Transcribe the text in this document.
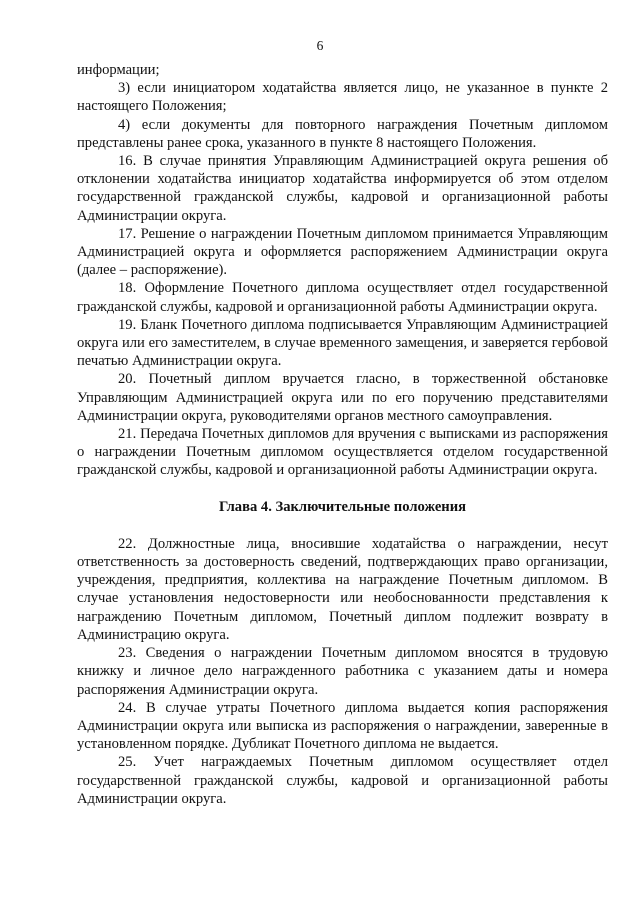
6

информации;

3) если инициатором ходатайства является лицо, не указанное в пункте 2 настоящего Положения;

4) если документы для повторного награждения Почетным дипломом представлены ранее срока, указанного в пункте 8 настоящего Положения.

16. В случае принятия Управляющим Администрацией округа решения об отклонении ходатайства инициатор ходатайства информируется об этом отделом государственной гражданской службы, кадровой и организационной работы Администрации округа.

17. Решение о награждении Почетным дипломом принимается Управляющим Администрацией округа и оформляется распоряжением Администрации округа (далее – распоряжение).

18. Оформление Почетного диплома осуществляет отдел государственной гражданской службы, кадровой и организационной работы Администрации округа.

19. Бланк Почетного диплома подписывается Управляющим Администрацией округа или его заместителем, в случае временного замещения, и заверяется гербовой печатью Администрации округа.

20. Почетный диплом вручается гласно, в торжественной обстановке Управляющим Администрацией округа или по его поручению представителями Администрации округа, руководителями органов местного самоуправления.

21. Передача Почетных дипломов для вручения с выписками из распоряжения о награждении Почетным дипломом осуществляется отделом государственной гражданской службы, кадровой и организационной работы Администрации округа.

Глава 4. Заключительные положения

22. Должностные лица, вносившие ходатайства о награждении, несут ответственность за достоверность сведений, подтверждающих право организации, учреждения, предприятия, коллектива на награждение Почетным дипломом. В случае установления недостоверности или необоснованности представления к награждению Почетным дипломом, Почетный диплом подлежит возврату в Администрацию округа.

23. Сведения о награждении Почетным дипломом вносятся в трудовую книжку и личное дело награжденного работника с указанием даты и номера распоряжения Администрации округа.

24. В случае утраты Почетного диплома выдается копия распоряжения Администрации округа или выписка из распоряжения о награждении, заверенные в установленном порядке. Дубликат Почетного диплома не выдается.

25. Учет награждаемых Почетным дипломом осуществляет отдел государственной гражданской службы, кадровой и организационной работы Администрации округа.
